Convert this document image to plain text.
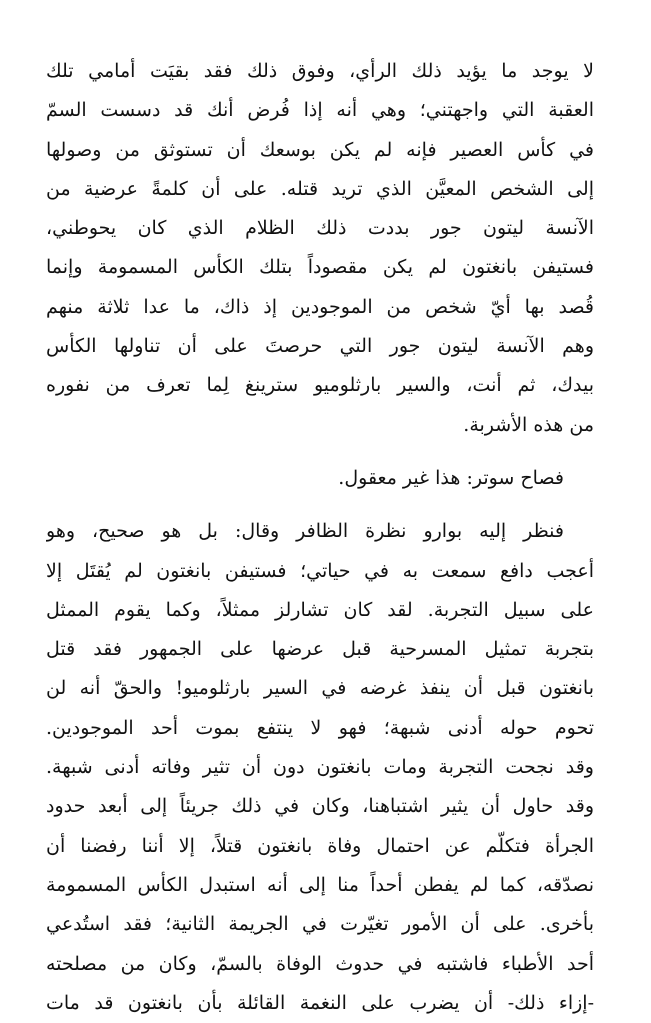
لا يوجد ما يؤيد ذلك الرأي، وفوق ذلك فقد بقيَت أمامي تلك
العقبة التي واجهتني؛ وهي أنه إذا فُرض أنك قد دسست السمّ
في كأس العصير فإنه لم يكن بوسعك أن تستوثق من وصولها
إلى الشخص المعيَّن الذي تريد قتله. على أن كلمةً عرضية من
الآنسة ليتون جور بددت ذلك الظلام الذي كان يحوطني،
فستيفن بانغتون لم يكن مقصوداً بتلك الكأس المسمومة وإنما
قُصد بها أيّ شخص من الموجودين إذ ذاك، ما عدا ثلاثة منهم
وهم الآنسة ليتون جور التي حرصتَ على أن تناولها الكأس
بيدك، ثم أنت، والسير بارثلوميو سترينغ لِما تعرف من نفوره
من هذه الأشربة.
فصاح سوتر: هذا غير معقول.
فنظر إليه بوارو نظرة الظافر وقال: بل هو صحيح، وهو
أعجب دافع سمعت به في حياتي؛ فستيفن بانغتون لم يُقتَل إلا
على سبيل التجربة. لقد كان تشارلز ممثلاً، وكما يقوم الممثل
بتجربة تمثيل المسرحية قبل عرضها على الجمهور فقد قتل
بانغتون قبل أن ينفذ غرضه في السير بارثلوميو! والحقّ أنه لن
تحوم حوله أدنى شبهة؛ فهو لا ينتفع بموت أحد الموجودين.
وقد نجحت التجربة ومات بانغتون دون أن تثير وفاته أدنى شبهة.
وقد حاول أن يثير اشتباهنا، وكان في ذلك جريئاً إلى أبعد حدود
الجرأة فتكلّم عن احتمال وفاة بانغتون قتلاً، إلا أننا رفضنا أن
نصدّقه، كما لم يفطن أحداً منا إلى أنه استبدل الكأس المسمومة
بأخرى. على أن الأمور تغيّرت في الجريمة الثانية؛ فقد استُدعي
أحد الأطباء فاشتبه في حدوث الوفاة بالسمّ، وكان من مصلحته
-إزاء ذلك- أن يضرب على النغمة القائلة بأن بانغتون قد مات
